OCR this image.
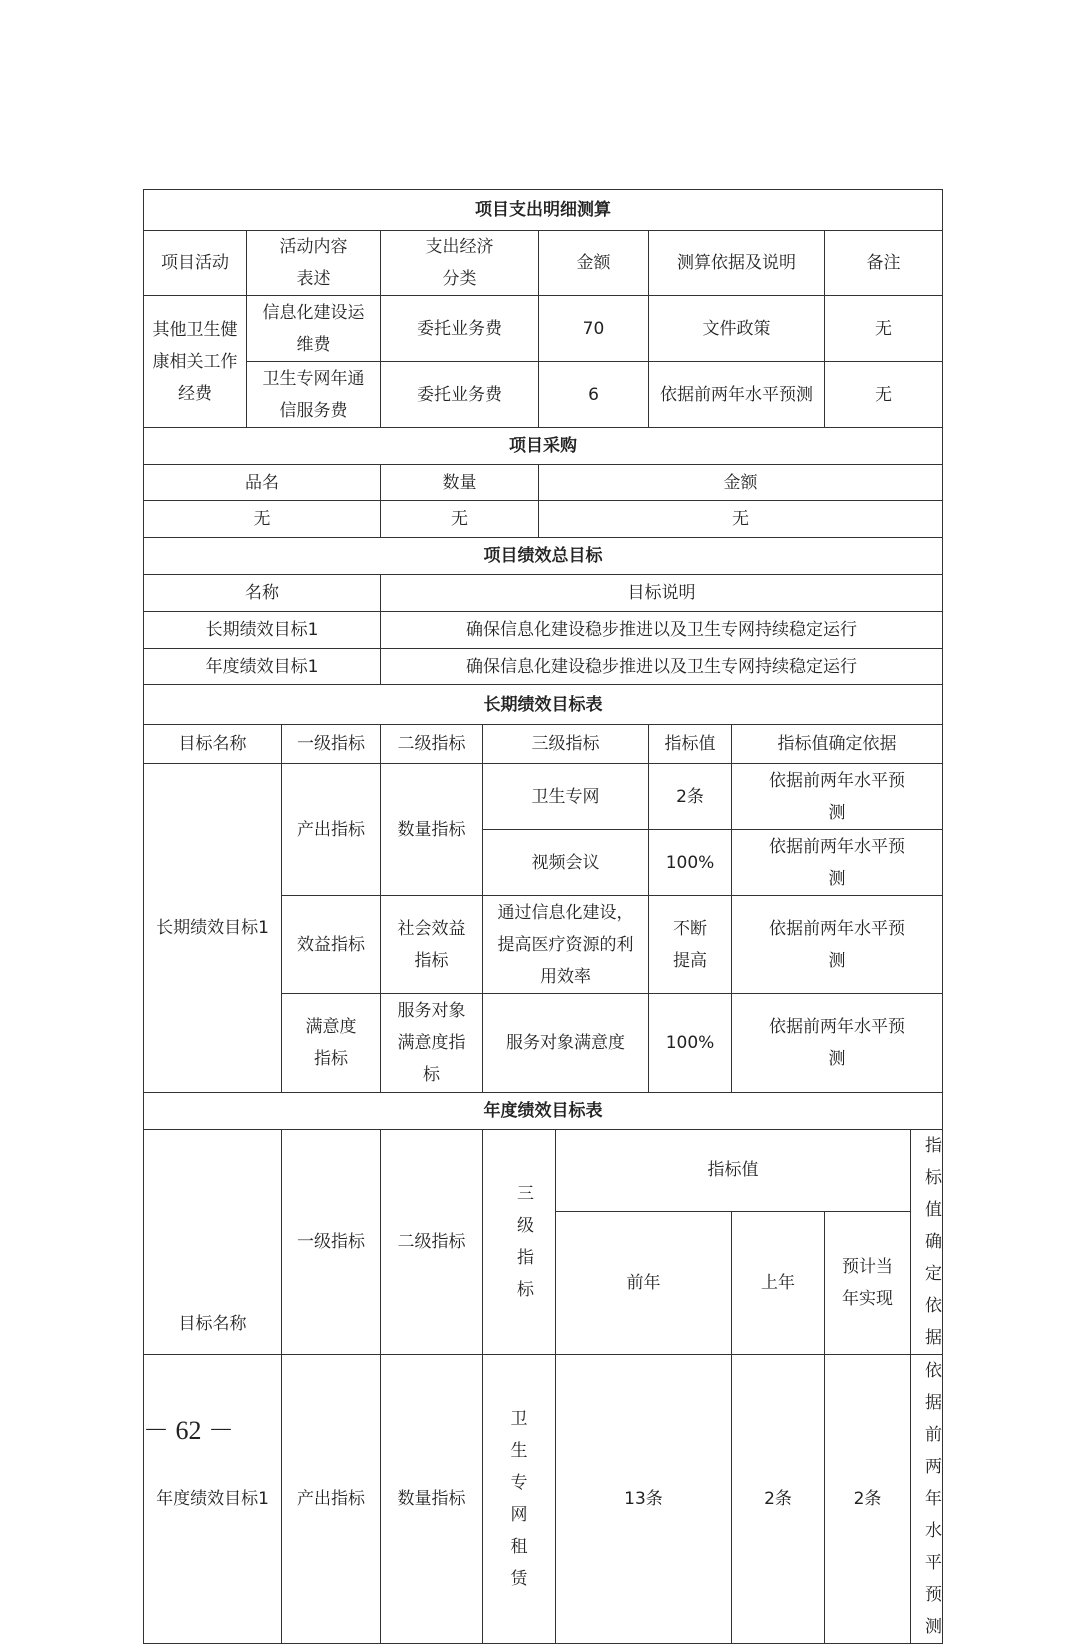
项目支出明细测算										
项目活动	活动内容表述		支出经济分类		金额		测算依据及说明		备注	
其他卫生健康相关工作经费	信息化建设运维费		委托业务费		70		文件政策		无	
	卫生专网年通信服务费		委托业务费		6		依据前两年水平预测		无	
项目采购										
品名			数量		金额					
无			无		无					
项目绩效总目标										
名称			目标说明							
长期绩效目标1			确保信息化建设稳步推进以及卫生专网持续稳定运行							
年度绩效目标1			确保信息化建设稳步推进以及卫生专网持续稳定运行							
长期绩效目标表										
目标名称		一级指标	二级指标	三级指标			指标值	指标值确定依据		
长期绩效目标1		产出指标	数量指标	卫生专网			2条	依据前两年水平预测		
				视频会议			100%	依据前两年水平预测		
		效益指标	社会效益指标	通过信息化建设，提高医疗资源的利用效率			不断提高	依据前两年水平预测		
		满意度指标	服务对象满意度指标	服务对象满意度			100%	依据前两年水平预测		
年度绩效目标表										
目标名称		一级指标	二级指标	三级指标		指标值				指标值确定依据
						前年		上年	预计当年实现	
年度绩效目标1		产出指标	数量指标	卫生专网租赁		13条		2条	2条	依据前两年水平预测
－ 62 －
